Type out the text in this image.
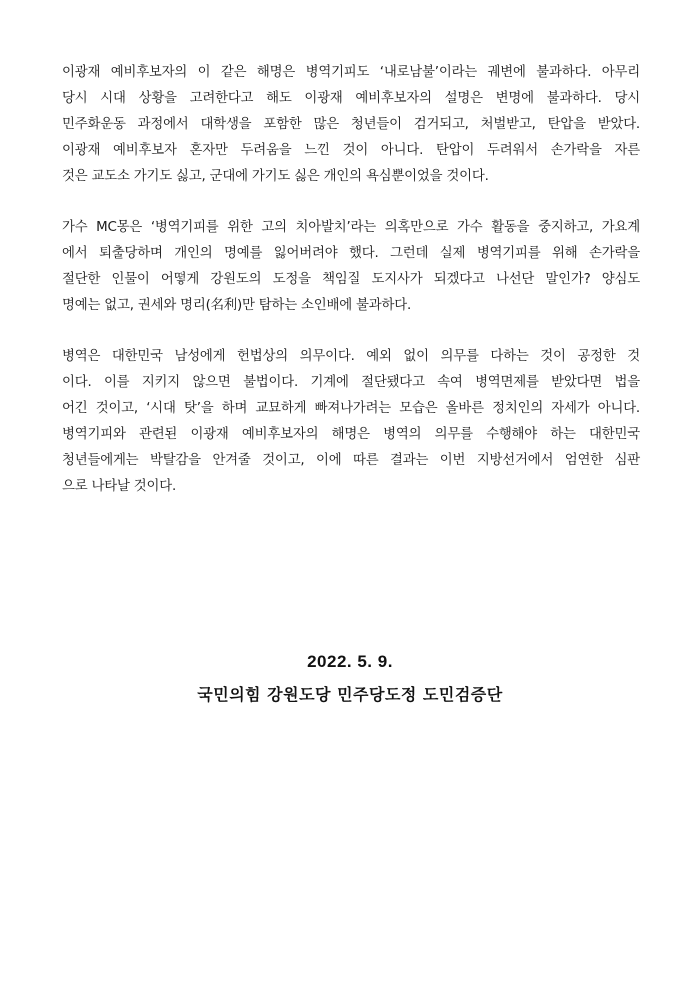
이광재 예비후보자의 이 같은 해명은 병역기피도 ‘내로남불’이라는 궤변에 불과하다. 아무리
당시 시대 상황을 고려한다고 해도 이광재 예비후보자의 설명은 변명에 불과하다. 당시
민주화운동 과정에서 대학생을 포함한 많은 청년들이 검거되고, 처벌받고, 탄압을 받았다.
이광재 예비후보자 혼자만 두려움을 느낀 것이 아니다. 탄압이 두려워서 손가락을 자른
것은 교도소 가기도 싫고, 군대에 가기도 싫은 개인의 욕심뿐이었을 것이다.

가수 MC몽은 ‘병역기피를 위한 고의 치아발치’라는 의혹만으로 가수 활동을 중지하고, 가요계
에서 퇴출당하며 개인의 명예를 잃어버려야 했다. 그런데 실제 병역기피를 위해 손가락을
절단한 인물이 어떻게 강원도의 도정을 책임질 도지사가 되겠다고 나선단 말인가? 양심도
명예는 없고, 권세와 명리(名利)만 탐하는 소인배에 불과하다.

병역은 대한민국 남성에게 헌법상의 의무이다. 예외 없이 의무를 다하는 것이 공정한 것
이다. 이를 지키지 않으면 불법이다. 기계에 절단됐다고 속여 병역면제를 받았다면 법을
어긴 것이고, ‘시대 탓’을 하며 교묘하게 빠져나가려는 모습은 올바른 정치인의 자세가 아니다.
병역기피와 관련된 이광재 예비후보자의 해명은 병역의 의무를 수행해야 하는 대한민국
청년들에게는 박탈감을 안겨줄 것이고, 이에 따른 결과는 이번 지방선거에서 엄연한 심판
으로 나타날 것이다.

2022. 5. 9.
국민의힘 강원도당 민주당도정 도민검증단
